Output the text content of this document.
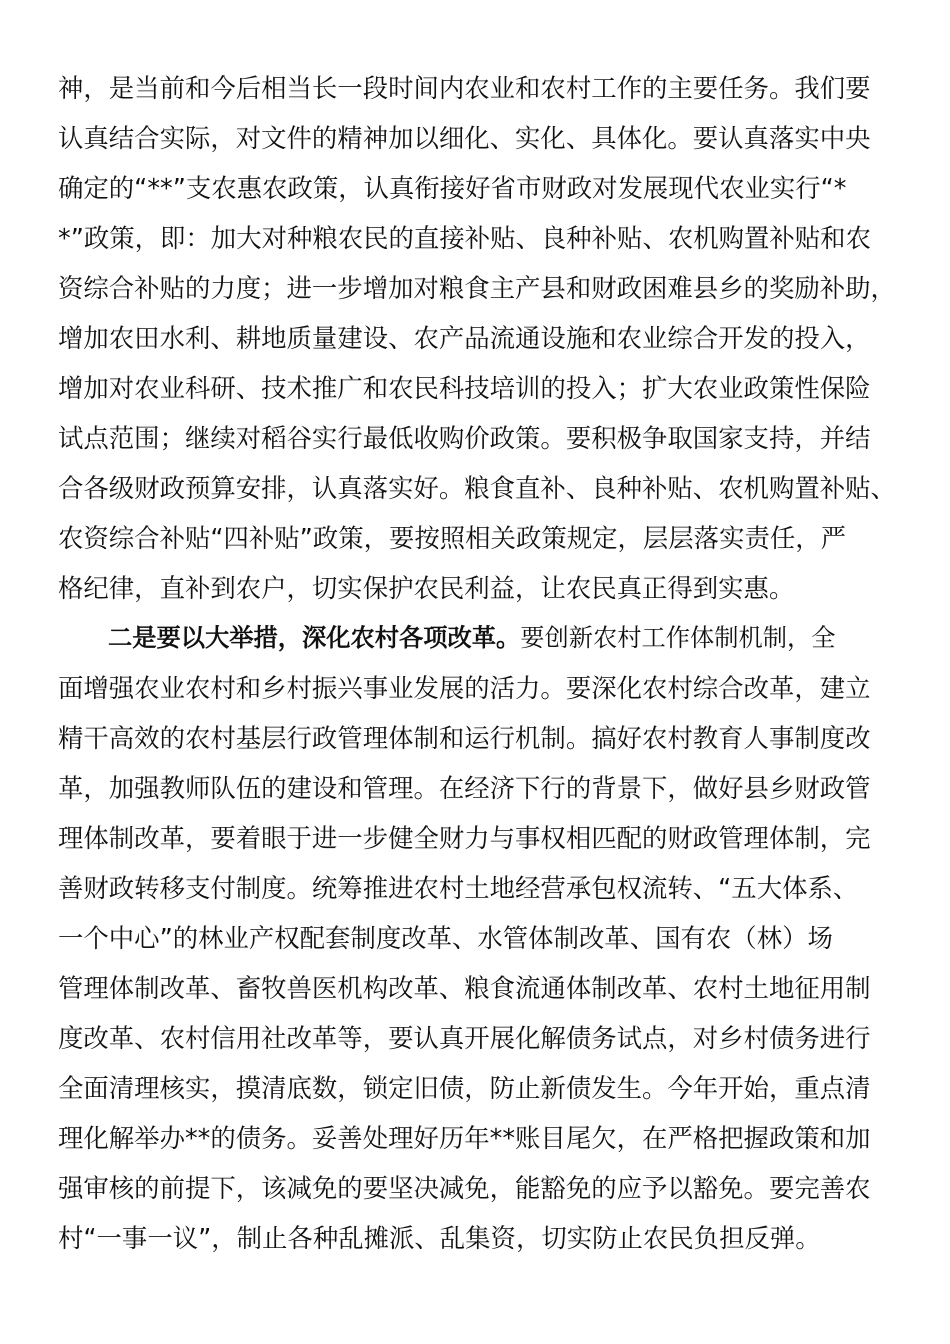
神，是当前和今后相当长一段时间内农业和农村工作的主要任务。我们要
认真结合实际，对文件的精神加以细化、实化、具体化。要认真落实中央
确定的“**”支农惠农政策，认真衔接好省市财政对发展现代农业实行“*
*”政策，即：加大对种粮农民的直接补贴、良种补贴、农机购置补贴和农
资综合补贴的力度；进一步增加对粮食主产县和财政困难县乡的奖励补助，
增加农田水利、耕地质量建设、农产品流通设施和农业综合开发的投入，
增加对农业科研、技术推广和农民科技培训的投入；扩大农业政策性保险
试点范围；继续对稻谷实行最低收购价政策。要积极争取国家支持，并结
合各级财政预算安排，认真落实好。粮食直补、良种补贴、农机购置补贴、
农资综合补贴“四补贴”政策，要按照相关政策规定，层层落实责任，严
格纪律，直补到农户，切实保护农民利益，让农民真正得到实惠。
二是要以大举措，深化农村各项改革。要创新农村工作体制机制，全
面增强农业农村和乡村振兴事业发展的活力。要深化农村综合改革，建立
精干高效的农村基层行政管理体制和运行机制。搞好农村教育人事制度改
革，加强教师队伍的建设和管理。在经济下行的背景下，做好县乡财政管
理体制改革，要着眼于进一步健全财力与事权相匹配的财政管理体制，完
善财政转移支付制度。统筹推进农村土地经营承包权流转、“五大体系、
一个中心”的林业产权配套制度改革、水管体制改革、国有农（林）场
管理体制改革、畜牧兽医机构改革、粮食流通体制改革、农村土地征用制
度改革、农村信用社改革等，要认真开展化解债务试点，对乡村债务进行
全面清理核实，摸清底数，锁定旧债，防止新债发生。今年开始，重点清
理化解举办**的债务。妥善处理好历年**账目尾欠，在严格把握政策和加
强审核的前提下，该减免的要坚决减免，能豁免的应予以豁免。要完善农
村“一事一议”，制止各种乱摊派、乱集资，切实防止农民负担反弹。
